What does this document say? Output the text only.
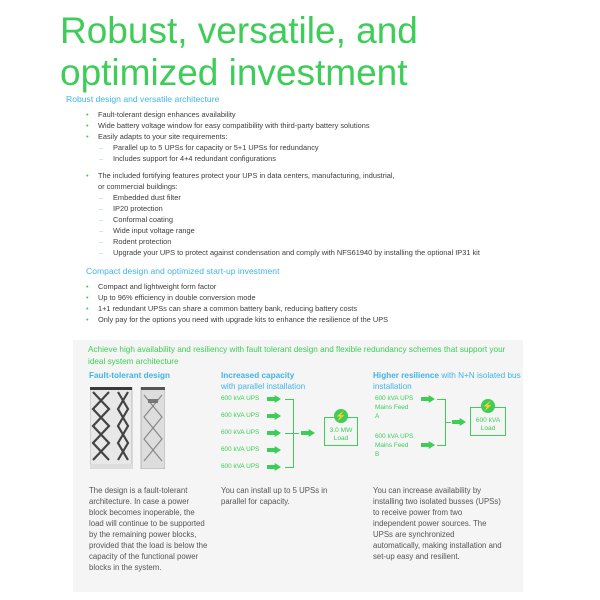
Robust, versatile, and optimized investment
Robust design and versatile architecture
• Fault-tolerant design enhances availability
• Wide battery voltage window for easy compatibility with third-party battery solutions
• Easily adapts to your site requirements:
– Parallel up to 5 UPSs for capacity or 5+1 UPSs for redundancy
– Includes support for 4+4 redundant configurations
• The included fortifying features protect your UPS in data centers, manufacturing, industrial,
or commercial buildings:
– Embedded dust filter
– IP20 protection
– Conformal coating
– Wide input voltage range
– Rodent protection
– Upgrade your UPS to protect against condensation and comply with NFS61940 by installing the optional IP31 kit
Compact design and optimized start-up investment
• Compact and lightweight form factor
• Up to 96% efficiency in double conversion mode
• 1+1 redundant UPSs can share a common battery bank, reducing battery costs
• Only pay for the options you need with upgrade kits to enhance the resilience of the UPS
Achieve high availability and resiliency with fault tolerant design and flexible redundancy schemes that support your ideal system architecture
Fault-tolerant design
The design is a fault-tolerant architecture. In case a power block becomes inoperable, the load will continue to be supported by the remaining power blocks, provided that the load is below the capacity of the functional power blocks in the system.
Increased capacity
with parallel installation
600 kVA UPS
600 kVA UPS
600 kVA UPS
600 kVA UPS
600 kVA UPS
3.0 MW
Load
⚡
You can install up to 5 UPSs in parallel for capacity.
Higher resilience with N+N isolated bus installation
600 kVA UPS
Mains Feed
A
600 kVA UPS
Mains Feed
B
600 kVA
Load
⚡
You can increase availability by installing two isolated busses (UPSs) to receive power from two independent power sources. The UPSs are synchronized automatically, making installation and set-up easy and resilient.
